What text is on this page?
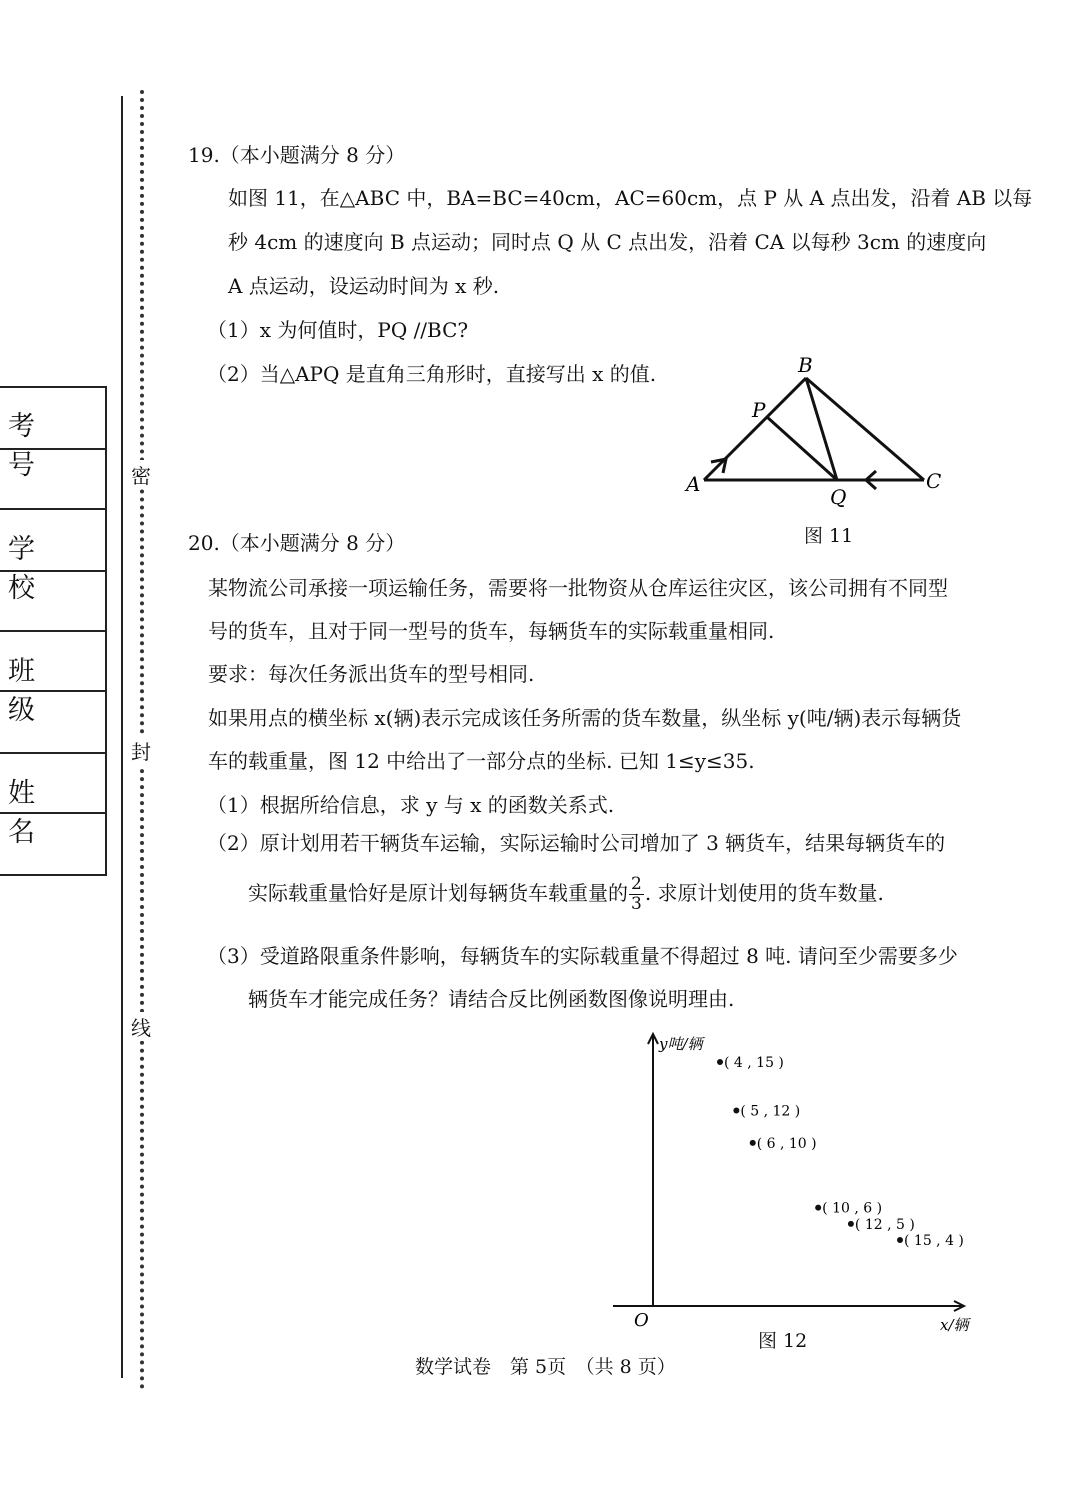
密
封
线
考 号
学 校
班 级
姓 名
19.（本小题满分 8 分）
如图 11，在△ABC 中，BA=BC=40cm，AC=60cm，点 P 从 A 点出发，沿着 AB 以每
秒 4cm 的速度向 B 点运动；同时点 Q 从 C 点出发，沿着 CA 以每秒 3cm 的速度向
A 点运动，设运动时间为 x 秒.
（1）x 为何值时，PQ //BC?
（2）当△APQ 是直角三角形时，直接写出 x 的值.
A
B
C
P
Q
图 11
20.（本小题满分 8 分）
某物流公司承接一项运输任务，需要将一批物资从仓库运往灾区，该公司拥有不同型
号的货车，且对于同一型号的货车，每辆货车的实际载重量相同.
要求：每次任务派出货车的型号相同.
如果用点的横坐标 x(辆)表示完成该任务所需的货车数量，纵坐标 y(吨/辆)表示每辆货
车的载重量，图 12 中给出了一部分点的坐标. 已知 1≤y≤35.
（1）根据所给信息，求 y 与 x 的函数关系式.
（2）原计划用若干辆货车运输，实际运输时公司增加了 3 辆货车，结果每辆货车的
实际载重量恰好是原计划每辆货车载重量的 $\frac{2}{3}$ . 求原计划使用的货车数量.
（3）受道路限重条件影响，每辆货车的实际载重量不得超过 8 吨. 请问至少需要多少
辆货车才能完成任务？请结合反比例函数图像说明理由.
y吨/辆
x/辆
O
( 4 , 15 )
( 5 , 12 )
( 6 , 10 )
( 10 , 6 )
( 12 , 5 )
( 15 , 4 )
图 12
数学试卷　第 5页　（共 8 页）
